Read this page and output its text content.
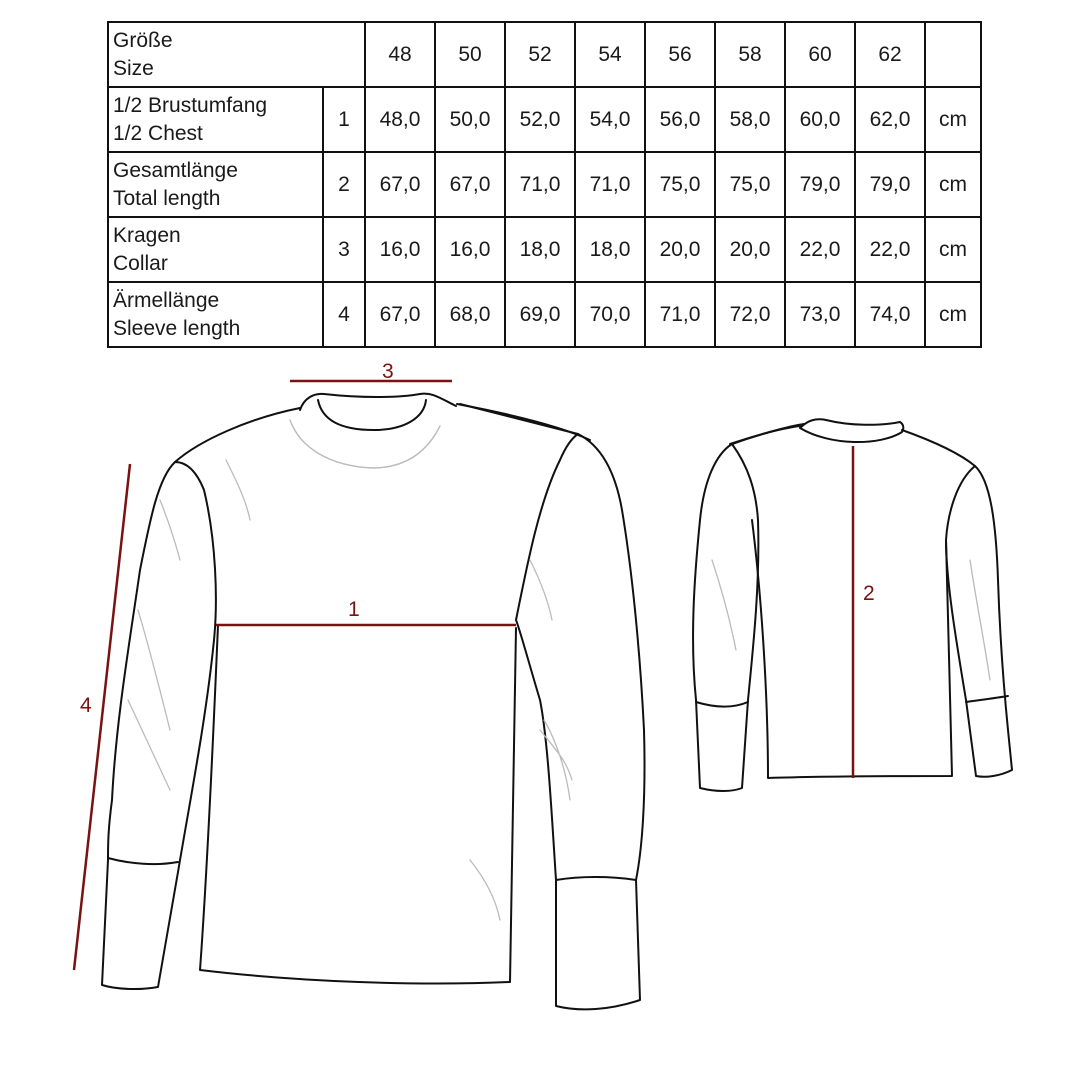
Größe
Size		48	50	52	54	56	58	60	62	

1/2 Brustumfang
1/2 Chest	1	48,0	50,0	52,0	54,0	56,0	58,0	60,0	62,0	cm

Gesamtlänge
Total length	2	67,0	67,0	71,0	71,0	75,0	75,0	79,0	79,0	cm

Kragen
Collar	3	16,0	16,0	18,0	18,0	20,0	20,0	22,0	22,0	cm

Ärmellänge
Sleeve length	4	67,0	68,0	69,0	70,0	71,0	72,0	73,0	74,0	cm
1
2
3
4
